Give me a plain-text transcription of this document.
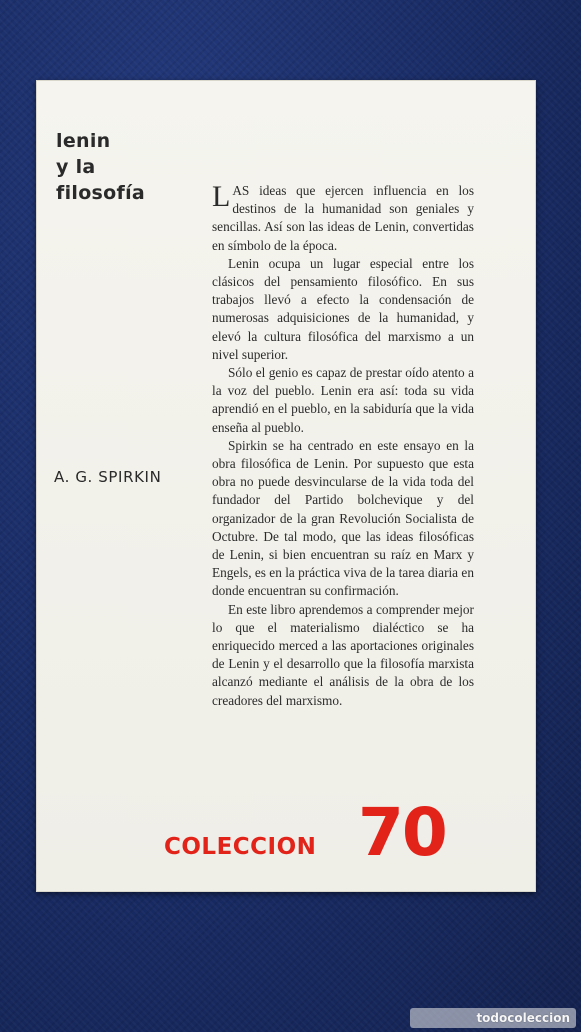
lenin
y la
filosofía

A. G. SPIRKIN

LAS ideas que ejercen influencia en los destinos de la humanidad son geniales y sencillas. Así son las ideas de Lenin, convertidas en símbolo de la época.

Lenin ocupa un lugar especial entre los clásicos del pensamiento filosófico. En sus trabajos llevó a efecto la condensación de numerosas adquisiciones de la humanidad, y elevó la cultura filosófica del marxismo a un nivel superior.

Sólo el genio es capaz de prestar oído atento a la voz del pueblo. Lenin era así: toda su vida aprendió en el pueblo, en la sabiduría que la vida enseña al pueblo.

Spirkin se ha centrado en este ensayo en la obra filosófica de Lenin. Por supuesto que esta obra no puede desvincularse de la vida toda del fundador del Partido bolchevique y del organizador de la gran Revolución Socialista de Octubre. De tal modo, que las ideas filosóficas de Lenin, si bien encuentran su raíz en Marx y Engels, es en la práctica viva de la tarea diaria en donde encuentran su confirmación.

En este libro aprendemos a comprender mejor lo que el materialismo dialéctico se ha enriquecido merced a las aportaciones originales de Lenin y el desarrollo que la filosofía marxista alcanzó mediante el análisis de la obra de los creadores del marxismo.

COLECCION 70
todocoleccion
